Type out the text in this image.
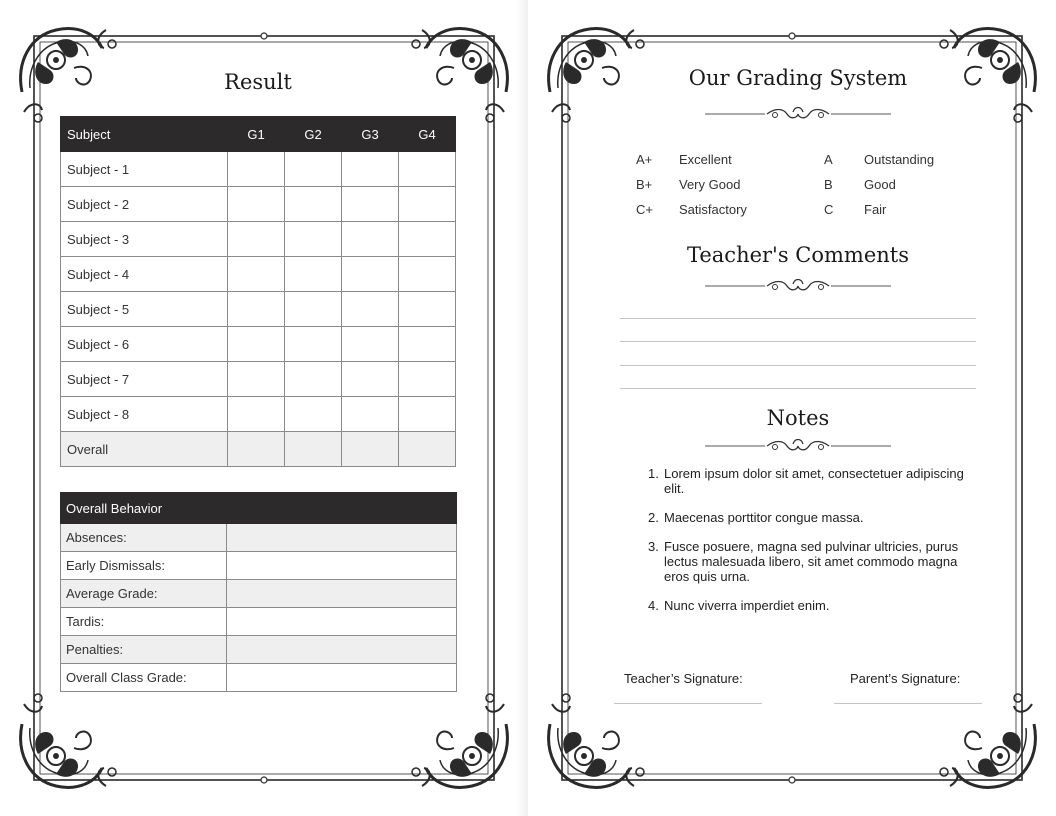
Result
Subject	G1	G2	G3	G4
Subject - 1				
Subject - 2				
Subject - 3				
Subject - 4				
Subject - 5				
Subject - 6				
Subject - 7				
Subject - 8				
Overall				
Overall Behavior	
Absences:	
Early Dismissals:	
Average Grade:	
Tardis:	
Penalties:	
Overall Class Grade:	
Our Grading System
A+ Excellent	A Outstanding
B+ Very Good	B Good
C+ Satisfactory	C Fair
Teacher's Comments
Notes
1. Lorem ipsum dolor sit amet, consectetuer adipiscing elit.
2. Maecenas porttitor congue massa.
3. Fusce posuere, magna sed pulvinar ultricies, purus lectus malesuada libero, sit amet commodo magna eros quis urna.
4. Nunc viverra imperdiet enim.
Teacher’s Signature:	Parent’s Signature:
